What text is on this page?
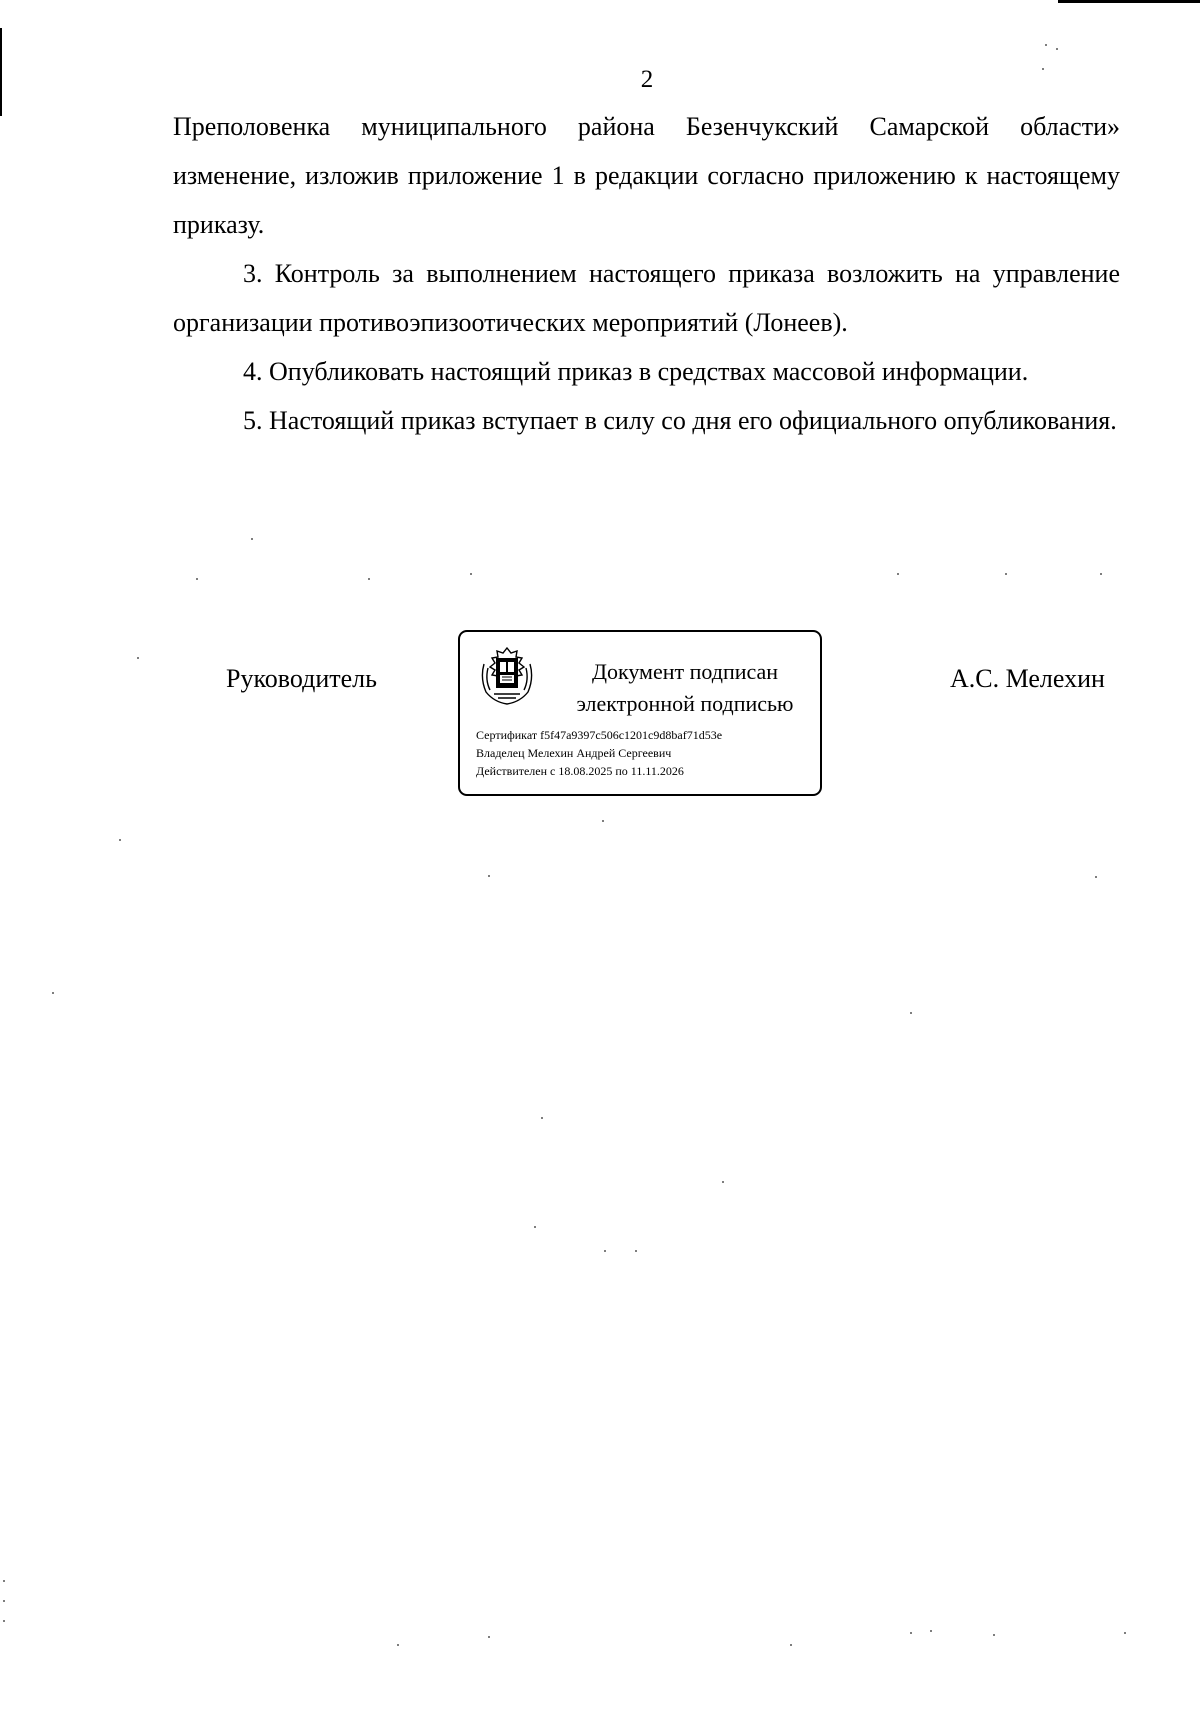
2

Преполовенка муниципального района Безенчукский Самарской области» изменение, изложив приложение 1 в редакции согласно приложению к настоящему приказу.

3. Контроль за выполнением настоящего приказа возложить на управление организации противоэпизоотических мероприятий (Лонеев).

4. Опубликовать настоящий приказ в средствах массовой информации.

5. Настоящий приказ вступает в силу со дня его официального опубликования.

Руководитель	Документ подписан
электронной подписью
Сертификат f5f47a9397c506c1201c9d8baf71d53e
Владелец Мелехин Андрей Сергеевич
Действителен с 18.08.2025 по 11.11.2026
А.С. Мелехин
